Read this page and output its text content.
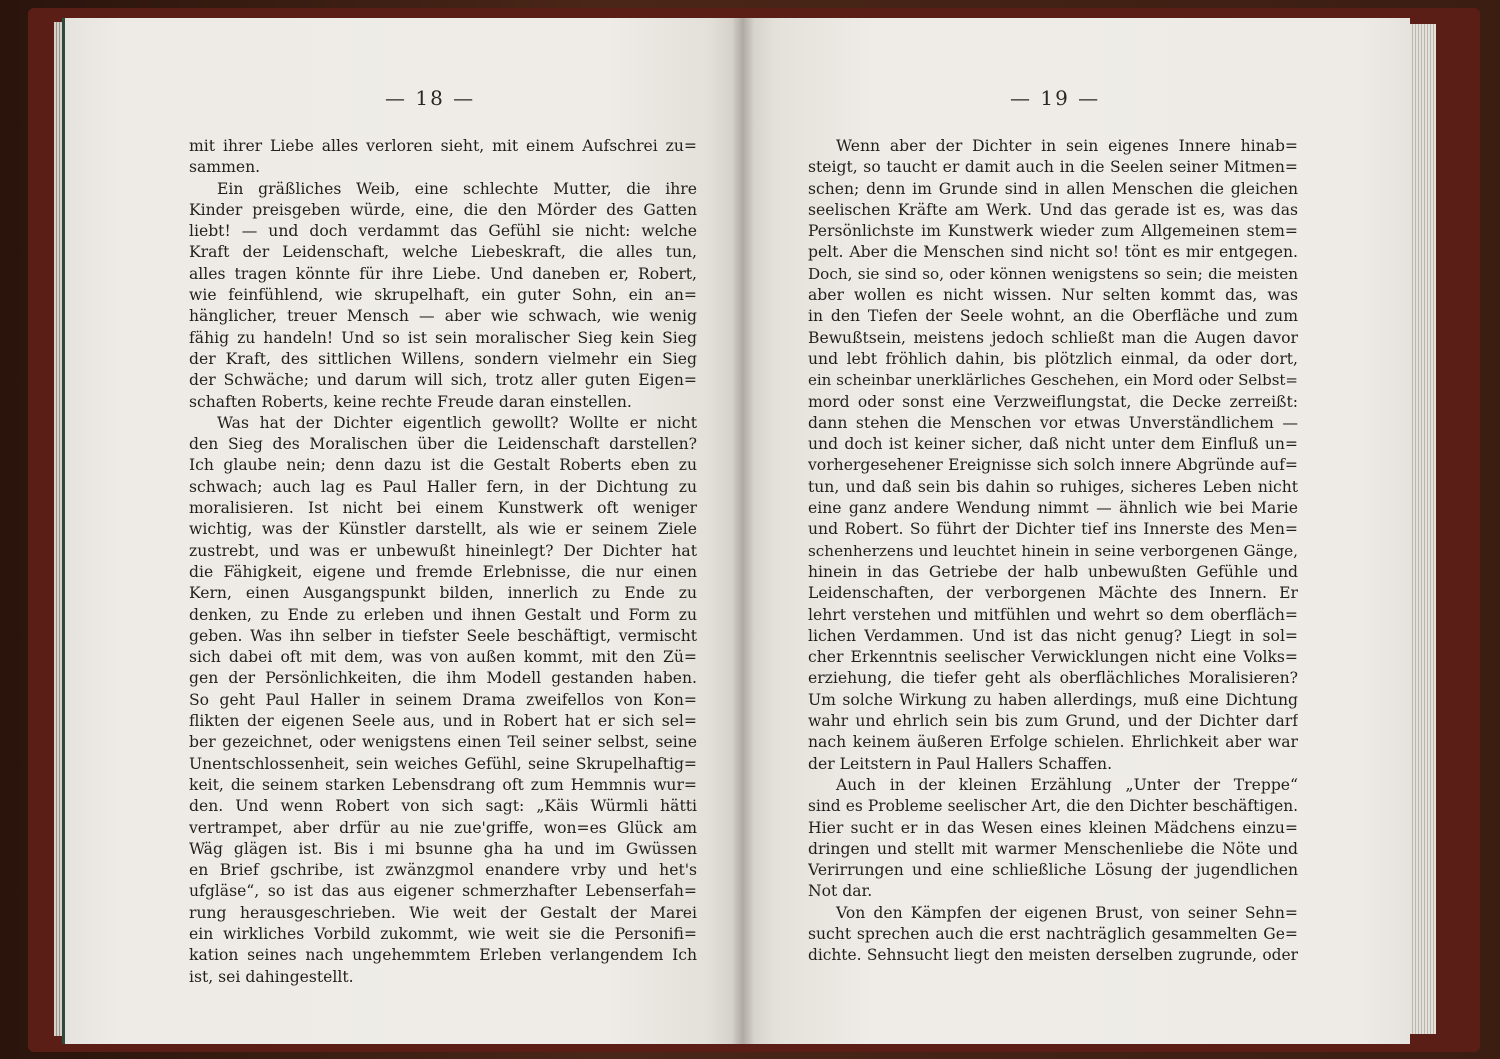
— 18 —
mit ihrer Liebe alles verloren sieht, mit einem Aufschrei zu=
sammen.
Ein gräßliches Weib, eine schlechte Mutter, die ihre
Kinder preisgeben würde, eine, die den Mörder des Gatten
liebt! — und doch verdammt das Gefühl sie nicht: welche
Kraft der Leidenschaft, welche Liebeskraft, die alles tun,
alles tragen könnte für ihre Liebe. Und daneben er, Robert,
wie feinfühlend, wie skrupelhaft, ein guter Sohn, ein an=
hänglicher, treuer Mensch — aber wie schwach, wie wenig
fähig zu handeln! Und so ist sein moralischer Sieg kein Sieg
der Kraft, des sittlichen Willens, sondern vielmehr ein Sieg
der Schwäche; und darum will sich, trotz aller guten Eigen=
schaften Roberts, keine rechte Freude daran einstellen.
Was hat der Dichter eigentlich gewollt? Wollte er nicht
den Sieg des Moralischen über die Leidenschaft darstellen?
Ich glaube nein; denn dazu ist die Gestalt Roberts eben zu
schwach; auch lag es Paul Haller fern, in der Dichtung zu
moralisieren. Ist nicht bei einem Kunstwerk oft weniger
wichtig, was der Künstler darstellt, als wie er seinem Ziele
zustrebt, und was er unbewußt hineinlegt? Der Dichter hat
die Fähigkeit, eigene und fremde Erlebnisse, die nur einen
Kern, einen Ausgangspunkt bilden, innerlich zu Ende zu
denken, zu Ende zu erleben und ihnen Gestalt und Form zu
geben. Was ihn selber in tiefster Seele beschäftigt, vermischt
sich dabei oft mit dem, was von außen kommt, mit den Zü=
gen der Persönlichkeiten, die ihm Modell gestanden haben.
So geht Paul Haller in seinem Drama zweifellos von Kon=
flikten der eigenen Seele aus, und in Robert hat er sich sel=
ber gezeichnet, oder wenigstens einen Teil seiner selbst, seine
Unentschlossenheit, sein weiches Gefühl, seine Skrupelhaftig=
keit, die seinem starken Lebensdrang oft zum Hemmnis wur=
den. Und wenn Robert von sich sagt: „Käis Würmli hätti
vertrampet, aber drfür au nie zue'griffe, won=es Glück am
Wäg glägen ist. Bis i mi bsunne gha ha und im Gwüssen
en Brief gschribe, ist zwänzgmol enandere vrby und het's
ufgläse“, so ist das aus eigener schmerzhafter Lebenserfah=
rung herausgeschrieben. Wie weit der Gestalt der Marei
ein wirkliches Vorbild zukommt, wie weit sie die Personifi=
kation seines nach ungehemmtem Erleben verlangendem Ich
ist, sei dahingestellt.
— 19 —
Wenn aber der Dichter in sein eigenes Innere hinab=
steigt, so taucht er damit auch in die Seelen seiner Mitmen=
schen; denn im Grunde sind in allen Menschen die gleichen
seelischen Kräfte am Werk. Und das gerade ist es, was das
Persönlichste im Kunstwerk wieder zum Allgemeinen stem=
pelt. Aber die Menschen sind nicht so! tönt es mir entgegen.
Doch, sie sind so, oder können wenigstens so sein; die meisten
aber wollen es nicht wissen. Nur selten kommt das, was
in den Tiefen der Seele wohnt, an die Oberfläche und zum
Bewußtsein, meistens jedoch schließt man die Augen davor
und lebt fröhlich dahin, bis plötzlich einmal, da oder dort,
ein scheinbar unerklärliches Geschehen, ein Mord oder Selbst=
mord oder sonst eine Verzweiflungstat, die Decke zerreißt:
dann stehen die Menschen vor etwas Unverständlichem —
und doch ist keiner sicher, daß nicht unter dem Einfluß un=
vorhergesehener Ereignisse sich solch innere Abgründe auf=
tun, und daß sein bis dahin so ruhiges, sicheres Leben nicht
eine ganz andere Wendung nimmt — ähnlich wie bei Marie
und Robert. So führt der Dichter tief ins Innerste des Men=
schenherzens und leuchtet hinein in seine verborgenen Gänge,
hinein in das Getriebe der halb unbewußten Gefühle und
Leidenschaften, der verborgenen Mächte des Innern. Er
lehrt verstehen und mitfühlen und wehrt so dem oberfläch=
lichen Verdammen. Und ist das nicht genug? Liegt in sol=
cher Erkenntnis seelischer Verwicklungen nicht eine Volks=
erziehung, die tiefer geht als oberflächliches Moralisieren?
Um solche Wirkung zu haben allerdings, muß eine Dichtung
wahr und ehrlich sein bis zum Grund, und der Dichter darf
nach keinem äußeren Erfolge schielen. Ehrlichkeit aber war
der Leitstern in Paul Hallers Schaffen.
Auch in der kleinen Erzählung „Unter der Treppe“
sind es Probleme seelischer Art, die den Dichter beschäftigen.
Hier sucht er in das Wesen eines kleinen Mädchens einzu=
dringen und stellt mit warmer Menschenliebe die Nöte und
Verirrungen und eine schließliche Lösung der jugendlichen
Not dar.
Von den Kämpfen der eigenen Brust, von seiner Sehn=
sucht sprechen auch die erst nachträglich gesammelten Ge=
dichte. Sehnsucht liegt den meisten derselben zugrunde, oder
